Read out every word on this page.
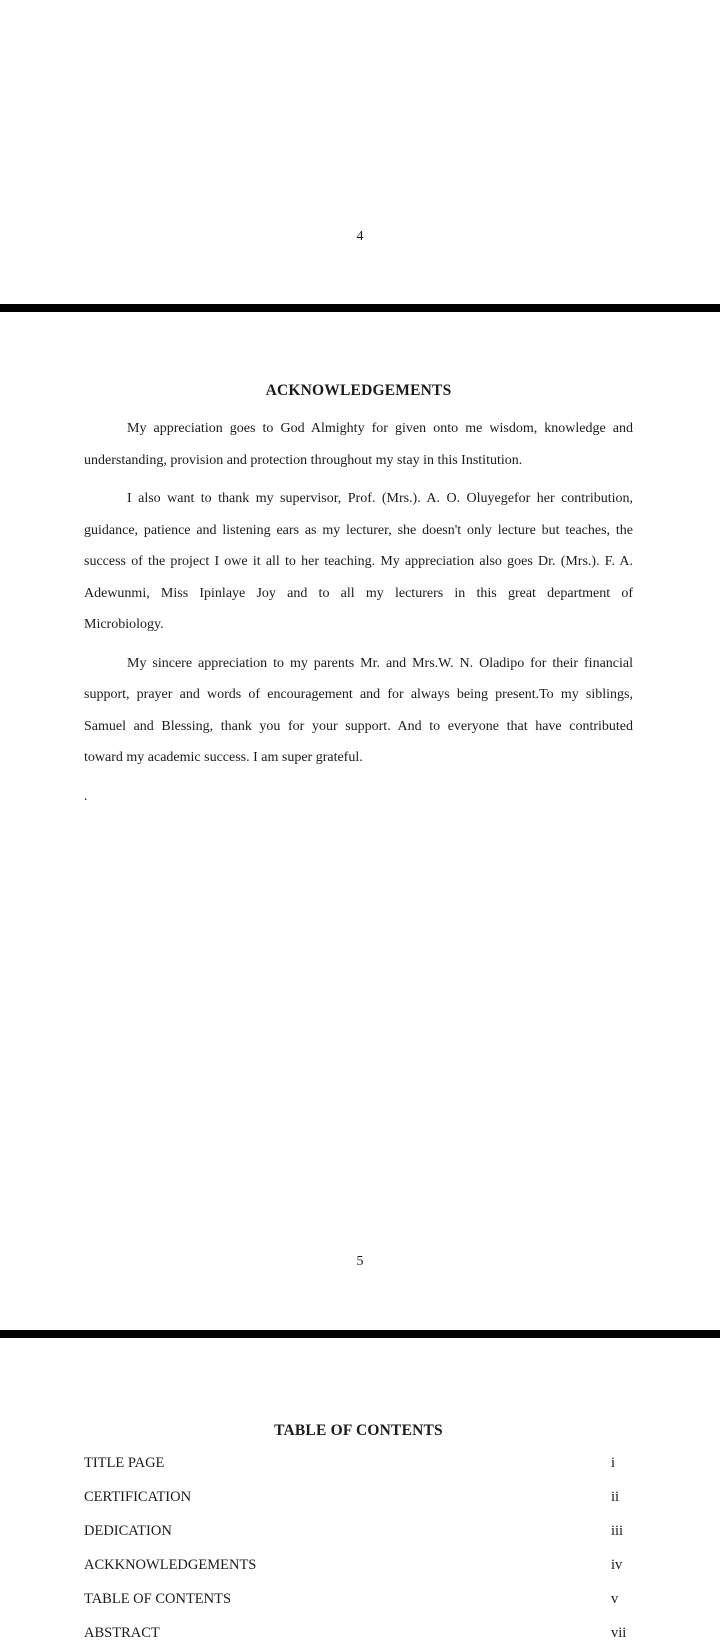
4
ACKNOWLEDGEMENTS
My appreciation goes to God Almighty for given onto me wisdom, knowledge and
understanding, provision and protection throughout my stay in this Institution.
I also want to thank my supervisor, Prof. (Mrs.). A. O. Oluyegefor her contribution,
guidance, patience and listening ears as my lecturer, she doesn't only lecture but teaches, the
success of the project I owe it all to her teaching. My appreciation also goes Dr. (Mrs.). F. A.
Adewunmi, Miss Ipinlaye Joy and to all my lecturers in this great department of
Microbiology.
My sincere appreciation to my parents Mr. and Mrs.W. N. Oladipo for their financial
support, prayer and words of encouragement and for always being present.To my siblings,
Samuel and Blessing, thank you for your support. And to everyone that have contributed
toward my academic success. I am super grateful.
.
5
TABLE OF CONTENTS
TITLE PAGE	i
CERTIFICATION	ii
DEDICATION	iii
ACKKNOWLEDGEMENTS	iv
TABLE OF CONTENTS	v
ABSTRACT	vii
